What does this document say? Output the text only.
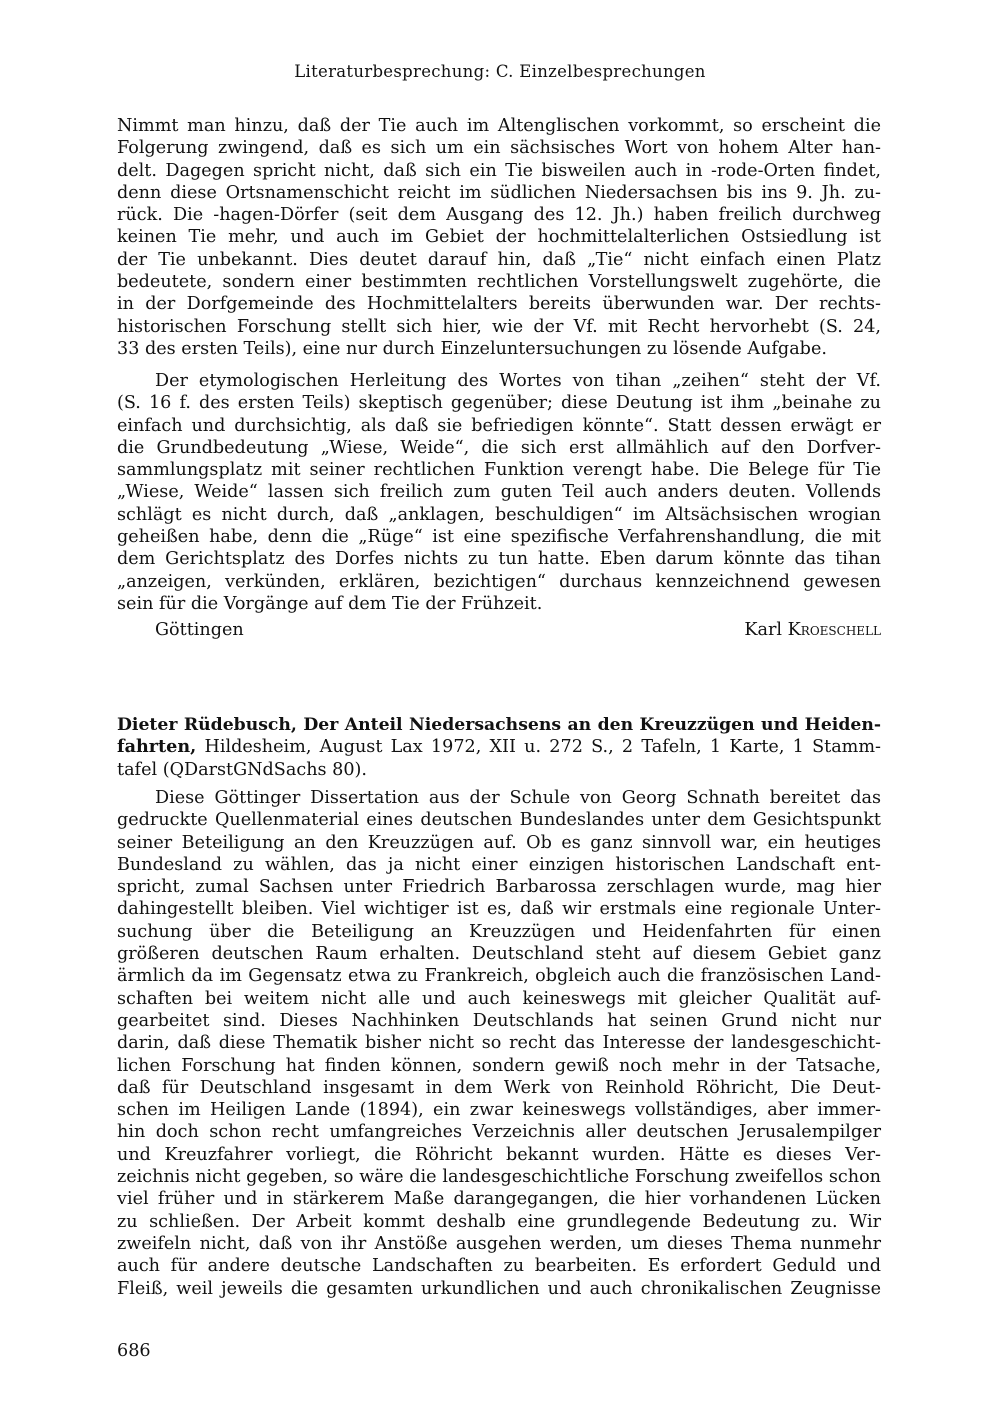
Literaturbesprechung: C. Einzelbesprechungen
Nimmt man hinzu, daß der Tie auch im Altenglischen vorkommt, so erscheint die
Folgerung zwingend, daß es sich um ein sächsisches Wort von hohem Alter han-
delt. Dagegen spricht nicht, daß sich ein Tie bisweilen auch in -rode-Orten findet,
denn diese Ortsnamenschicht reicht im südlichen Niedersachsen bis ins 9. Jh. zu-
rück. Die -hagen-Dörfer (seit dem Ausgang des 12. Jh.) haben freilich durchweg
keinen Tie mehr, und auch im Gebiet der hochmittelalterlichen Ostsiedlung ist
der Tie unbekannt. Dies deutet darauf hin, daß „Tie“ nicht einfach einen Platz
bedeutete, sondern einer bestimmten rechtlichen Vorstellungswelt zugehörte, die
in der Dorfgemeinde des Hochmittelalters bereits überwunden war. Der rechts-
historischen Forschung stellt sich hier, wie der Vf. mit Recht hervorhebt (S. 24,
33 des ersten Teils), eine nur durch Einzeluntersuchungen zu lösende Aufgabe.
Der etymologischen Herleitung des Wortes von tihan „zeihen“ steht der Vf.
(S. 16 f. des ersten Teils) skeptisch gegenüber; diese Deutung ist ihm „beinahe zu
einfach und durchsichtig, als daß sie befriedigen könnte“. Statt dessen erwägt er
die Grundbedeutung „Wiese, Weide“, die sich erst allmählich auf den Dorfver-
sammlungsplatz mit seiner rechtlichen Funktion verengt habe. Die Belege für Tie
„Wiese, Weide“ lassen sich freilich zum guten Teil auch anders deuten. Vollends
schlägt es nicht durch, daß „anklagen, beschuldigen“ im Altsächsischen wrogian
geheißen habe, denn die „Rüge“ ist eine spezifische Verfahrenshandlung, die mit
dem Gerichtsplatz des Dorfes nichts zu tun hatte. Eben darum könnte das tihan
„anzeigen, verkünden, erklären, bezichtigen“ durchaus kennzeichnend gewesen
sein für die Vorgänge auf dem Tie der Frühzeit.
Göttingen	Karl Kroeschell
Dieter Rüdebusch, Der Anteil Niedersachsens an den Kreuzzügen und Heiden-
fahrten, Hildesheim, August Lax 1972, XII u. 272 S., 2 Tafeln, 1 Karte, 1 Stamm-
tafel (QDarstGNdSachs 80).
Diese Göttinger Dissertation aus der Schule von Georg Schnath bereitet das
gedruckte Quellenmaterial eines deutschen Bundeslandes unter dem Gesichtspunkt
seiner Beteiligung an den Kreuzzügen auf. Ob es ganz sinnvoll war, ein heutiges
Bundesland zu wählen, das ja nicht einer einzigen historischen Landschaft ent-
spricht, zumal Sachsen unter Friedrich Barbarossa zerschlagen wurde, mag hier
dahingestellt bleiben. Viel wichtiger ist es, daß wir erstmals eine regionale Unter-
suchung über die Beteiligung an Kreuzzügen und Heidenfahrten für einen
größeren deutschen Raum erhalten. Deutschland steht auf diesem Gebiet ganz
ärmlich da im Gegensatz etwa zu Frankreich, obgleich auch die französischen Land-
schaften bei weitem nicht alle und auch keineswegs mit gleicher Qualität auf-
gearbeitet sind. Dieses Nachhinken Deutschlands hat seinen Grund nicht nur
darin, daß diese Thematik bisher nicht so recht das Interesse der landesgeschicht-
lichen Forschung hat finden können, sondern gewiß noch mehr in der Tatsache,
daß für Deutschland insgesamt in dem Werk von Reinhold Röhricht, Die Deut-
schen im Heiligen Lande (1894), ein zwar keineswegs vollständiges, aber immer-
hin doch schon recht umfangreiches Verzeichnis aller deutschen Jerusalempilger
und Kreuzfahrer vorliegt, die Röhricht bekannt wurden. Hätte es dieses Ver-
zeichnis nicht gegeben, so wäre die landesgeschichtliche Forschung zweifellos schon
viel früher und in stärkerem Maße darangegangen, die hier vorhandenen Lücken
zu schließen. Der Arbeit kommt deshalb eine grundlegende Bedeutung zu. Wir
zweifeln nicht, daß von ihr Anstöße ausgehen werden, um dieses Thema nunmehr
auch für andere deutsche Landschaften zu bearbeiten. Es erfordert Geduld und
Fleiß, weil jeweils die gesamten urkundlichen und auch chronikalischen Zeugnisse
686
